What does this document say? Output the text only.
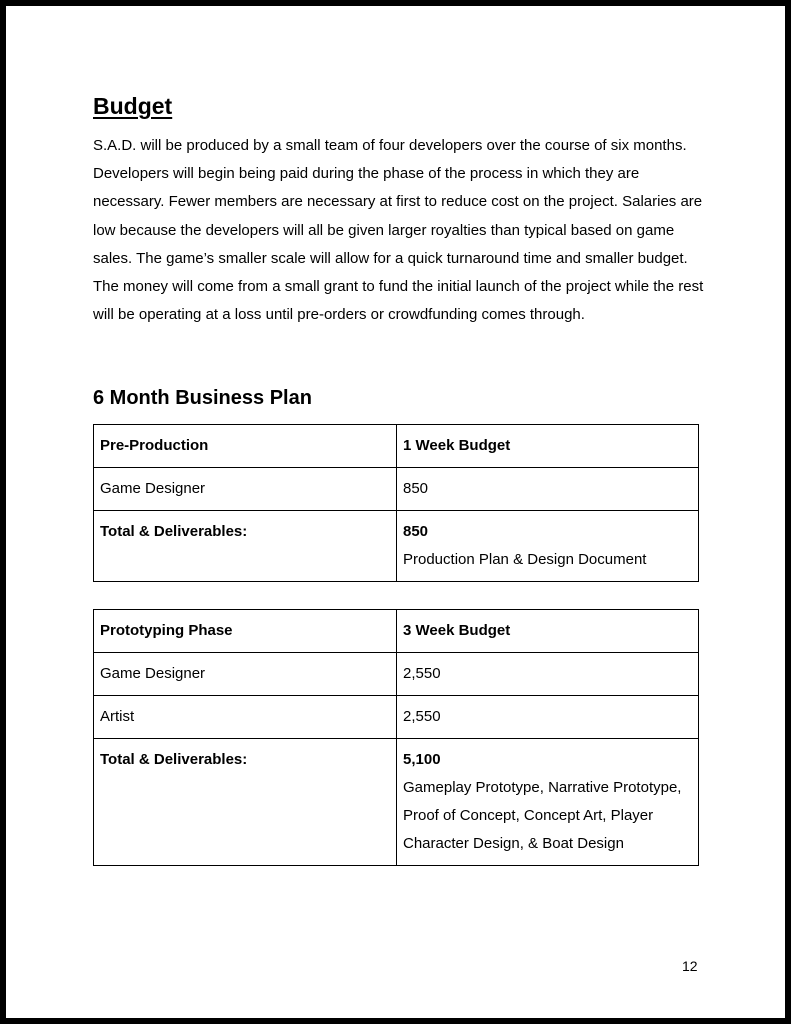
Budget

S.A.D. will be produced by a small team of four developers over the course of six months. Developers will begin being paid during the phase of the process in which they are necessary. Fewer members are necessary at first to reduce cost on the project. Salaries are low because the developers will all be given larger royalties than typical based on game sales. The game’s smaller scale will allow for a quick turnaround time and smaller budget. The money will come from a small grant to fund the initial launch of the project while the rest will be operating at a loss until pre-orders or crowdfunding comes through.

6 Month Business Plan
Pre-Production	1 Week Budget
Game Designer	850
Total & Deliverables:	850
Production Plan & Design Document
Prototyping Phase	3 Week Budget
Game Designer	2,550
Artist	2,550
Total & Deliverables:	5,100
Gameplay Prototype, Narrative Prototype, Proof of Concept, Concept Art, Player Character Design, & Boat Design
12
